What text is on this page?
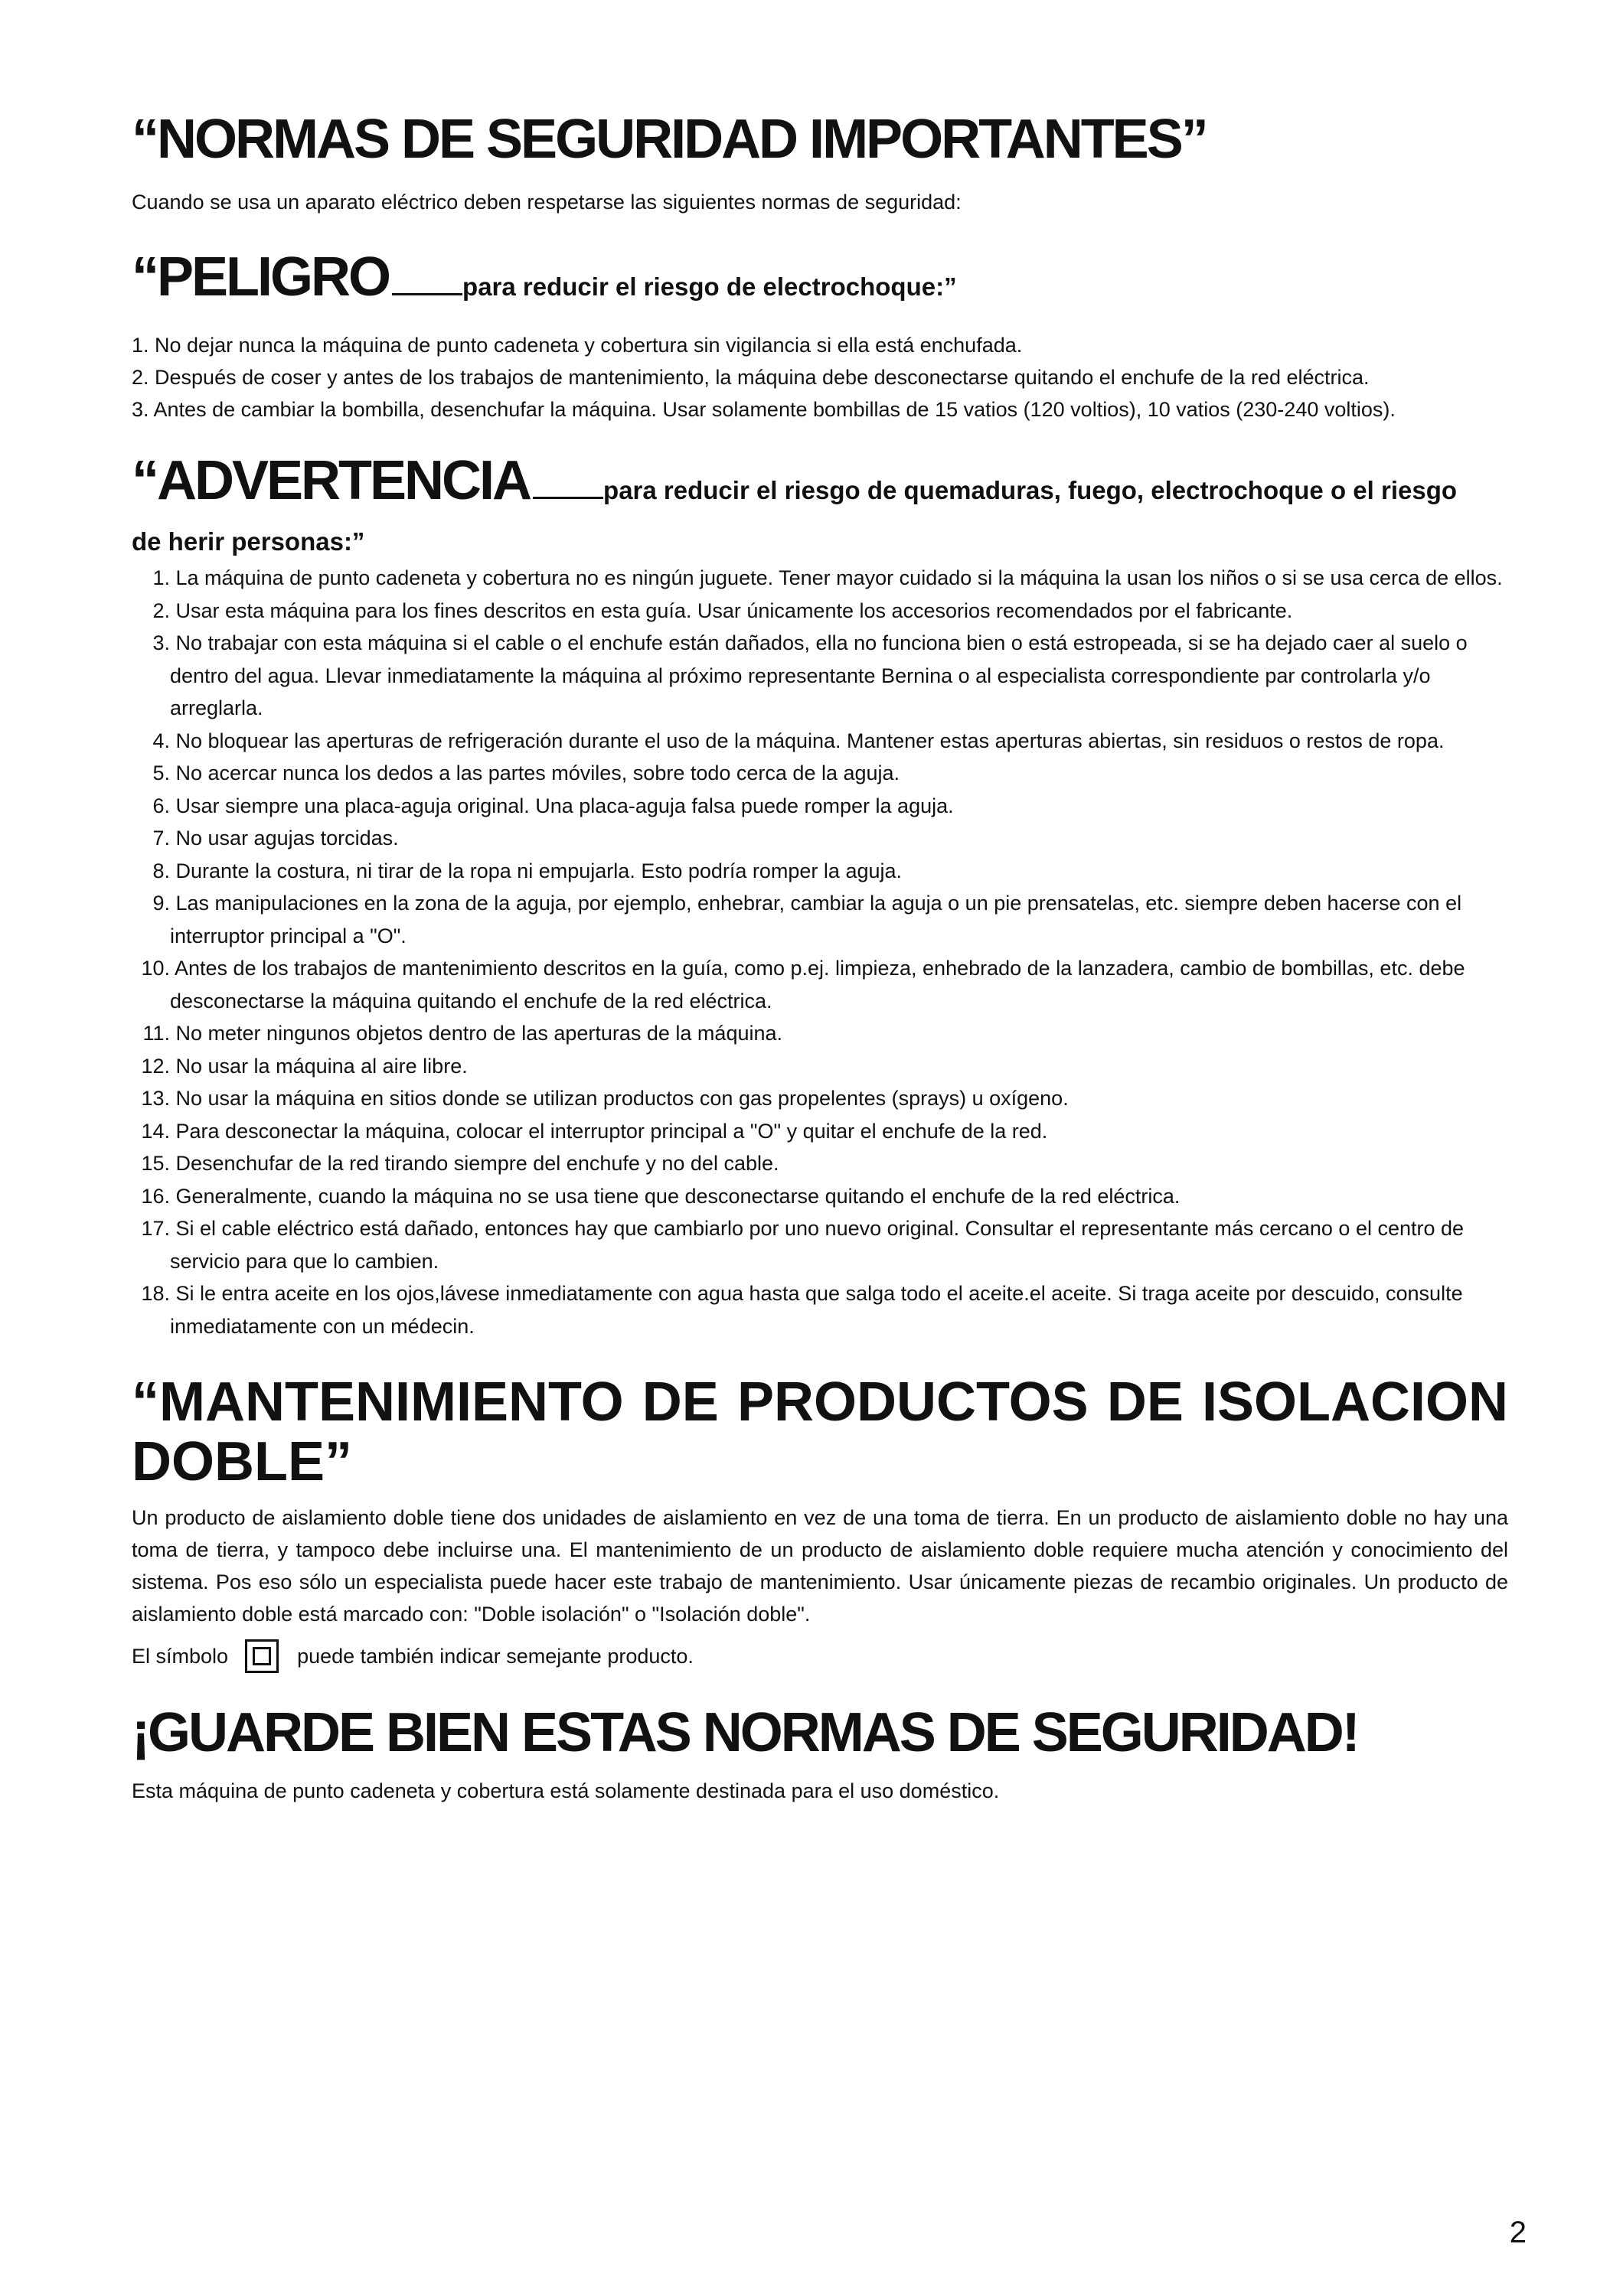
“NORMAS DE SEGURIDAD IMPORTANTES”

Cuando se usa un aparato eléctrico deben respetarse las siguientes normas de seguridad:

“PELIGRO	para reducir el riesgo de electrochoque:”
1. No dejar nunca la máquina de punto cadeneta y cobertura sin vigilancia si ella está enchufada.
2. Después de coser y antes de los trabajos de mantenimiento, la máquina debe desconectarse quitando el enchufe de la red eléctrica.
3. Antes de cambiar la bombilla, desenchufar la máquina. Usar solamente bombillas de 15 vatios (120 voltios), 10 vatios (230-240 voltios).
“ADVERTENCIA	para reducir el riesgo de quemaduras, fuego, electrochoque o el riesgo
de herir personas:”
1. La máquina de punto cadeneta y cobertura no es ningún juguete. Tener mayor cuidado si la máquina la usan los niños o si se usa cerca de ellos.
2. Usar esta máquina para los fines descritos en esta guía. Usar únicamente los accesorios recomendados por el fabricante.
3. No trabajar con esta máquina si el cable o el enchufe están dañados, ella no funciona bien o está estropeada, si se ha dejado caer al suelo o dentro del agua. Llevar inmediatamente la máquina al próximo representante Bernina o al especialista correspondiente par controlarla y/o arreglarla.
4. No bloquear las aperturas de refrigeración durante el uso de la máquina. Mantener estas aperturas abiertas, sin residuos o restos de ropa.
5. No acercar nunca los dedos a las partes móviles, sobre todo cerca de la aguja.
6. Usar siempre una placa-aguja original. Una placa-aguja falsa puede romper la aguja.
7. No usar agujas torcidas.
8. Durante la costura, ni tirar de la ropa ni empujarla. Esto podría romper la aguja.
9. Las manipulaciones en la zona de la aguja, por ejemplo, enhebrar, cambiar la aguja o un pie prensatelas, etc. siempre deben hacerse con el interruptor principal a "O".
10. Antes de los trabajos de mantenimiento descritos en la guía, como p.ej. limpieza, enhebrado de la lanzadera, cambio de bombillas, etc. debe desconectarse la máquina quitando el enchufe de la red eléctrica.
11. No meter ningunos objetos dentro de las aperturas de la máquina.
12. No usar la máquina al aire libre.
13. No usar la máquina en sitios donde se utilizan productos con gas propelentes (sprays) u oxígeno.
14. Para desconectar la máquina, colocar el interruptor principal a "O" y quitar el enchufe de la red.
15. Desenchufar de la red tirando siempre del enchufe y no del cable.
16. Generalmente, cuando la máquina no se usa tiene que desconectarse quitando el enchufe de la red eléctrica.
17. Si el cable eléctrico está dañado, entonces hay que cambiarlo por uno nuevo original. Consultar el representante más cercano o el centro de servicio para que lo cambien.
18. Si le entra aceite en los ojos,lávese inmediatamente con agua hasta que salga todo el aceite.el aceite. Si traga aceite por descuido, consulte inmediatamente con un médecin.
“MANTENIMIENTO DE PRODUCTOS DE ISOLACION
DOBLE”

Un producto de aislamiento doble tiene dos unidades de aislamiento en vez de una toma de tierra. En un producto de aislamiento doble no hay una toma de tierra, y tampoco debe incluirse una. El mantenimiento de un producto de aislamiento doble requiere mucha atención y conocimiento del sistema. Pos eso sólo un especialista puede hacer este trabajo de mantenimiento. Usar únicamente piezas de recambio originales. Un producto de aislamiento doble está marcado con: "Doble isolación" o "Isolación doble".

El símbolo	puede también indicar semejante producto.
¡GUARDE BIEN ESTAS NORMAS DE SEGURIDAD!

Esta máquina de punto cadeneta y cobertura está solamente destinada para el uso doméstico.

2
